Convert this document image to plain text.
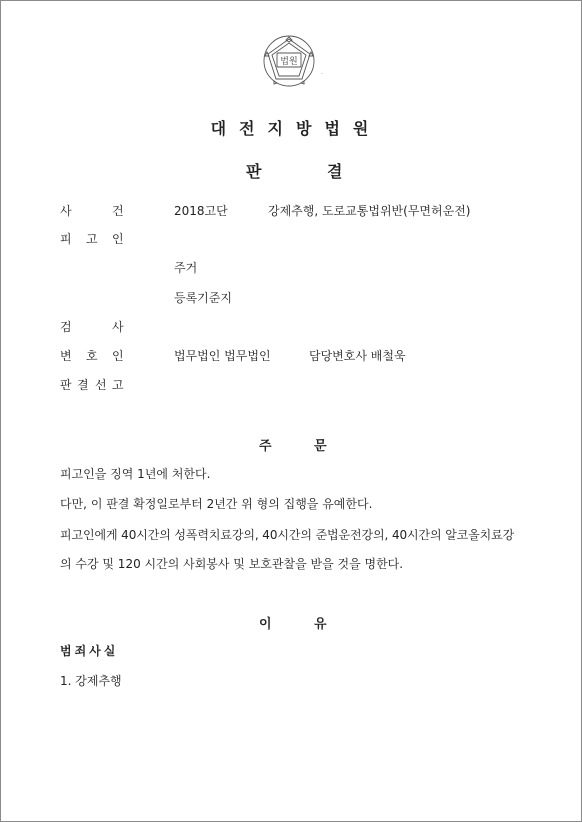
법원
.
대전지방법원
판	결
사	건	2018고단	강제추행, 도로교통법위반(무면허운전)
피 고 인
주거
등록기준지
검	사
변 호 인	법무법인 법무법인	담당변호사 배철욱
판 결 선 고
주	문
피고인을 징역 1년에 처한다.
다만, 이 판결 확정일로부터 2년간 위 형의 집행을 유예한다.
피고인에게 40시간의 성폭력치료강의, 40시간의 준법운전강의, 40시간의 알코올치료강
의 수강 및 120 시간의 사회봉사 및 보호관찰을 받을 것을 명한다.
이	유
범죄사실
1. 강제추행
